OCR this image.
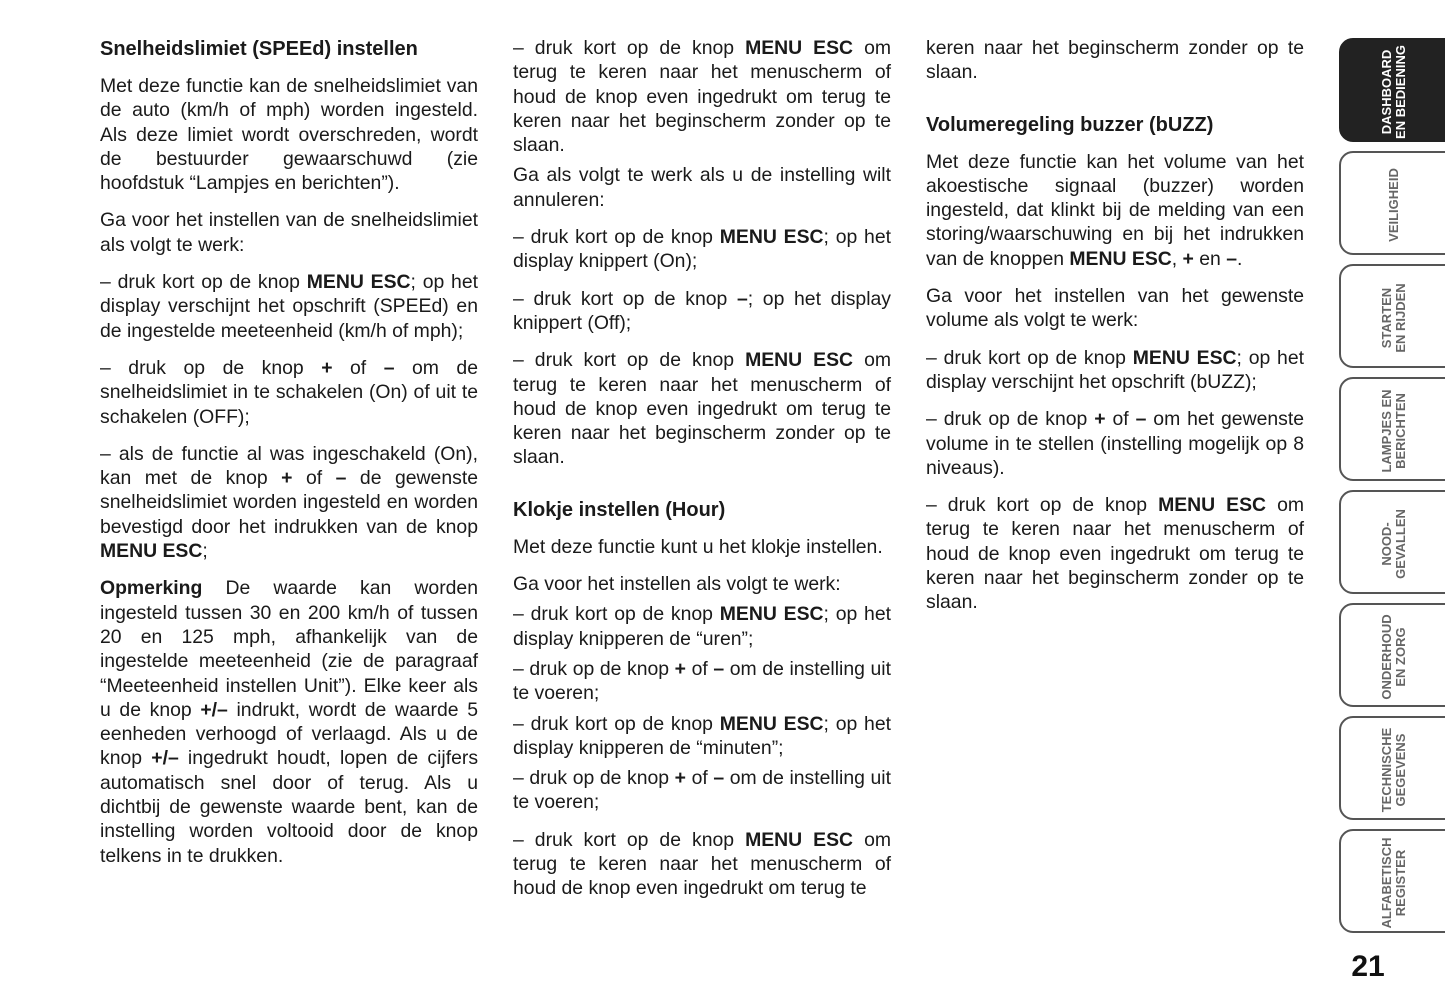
Snelheidslimiet (SPEEd) instellen

Met deze functie kan de snelheidslimiet van de auto (km/h of mph) worden ingesteld. Als deze limiet wordt overschreden, wordt de bestuurder gewaarschuwd (zie hoofdstuk “Lampjes en berichten”).

Ga voor het instellen van de snelheidslimiet als volgt te werk:

– druk kort op de knop MENU ESC; op het display verschijnt het opschrift (SPEEd) en de ingestelde meeteenheid (km/h of mph);

– druk op de knop + of – om de snelheidslimiet in te schakelen (On) of uit te schakelen (OFF);

– als de functie al was ingeschakeld (On), kan met de knop + of – de gewenste snelheidslimiet worden ingesteld en worden bevestigd door het indrukken van de knop MENU ESC;

Opmerking De waarde kan worden ingesteld tussen 30 en 200 km/h of tussen 20 en 125 mph, afhankelijk van de ingestelde meeteenheid (zie de paragraaf “Meeteenheid instellen Unit”). Elke keer als u de knop +/– indrukt, wordt de waarde 5 eenheden verhoogd of verlaagd. Als u de knop +/– ingedrukt houdt, lopen de cijfers automatisch snel door of terug. Als u dichtbij de gewenste waarde bent, kan de instelling worden voltooid door de knop telkens in te drukken.

– druk kort op de knop MENU ESC om terug te keren naar het menuscherm of houd de knop even ingedrukt om terug te keren naar het beginscherm zonder op te slaan.

Ga als volgt te werk als u de instelling wilt annuleren:

– druk kort op de knop MENU ESC; op het display knippert (On);

– druk kort op de knop –; op het display knippert (Off);

– druk kort op de knop MENU ESC om terug te keren naar het menuscherm of houd de knop even ingedrukt om terug te keren naar het beginscherm zonder op te slaan.

Klokje instellen (Hour)

Met deze functie kunt u het klokje instellen.

Ga voor het instellen als volgt te werk:

– druk kort op de knop MENU ESC; op het display knipperen de “uren”;

– druk op de knop + of – om de instelling uit te voeren;

– druk kort op de knop MENU ESC; op het display knipperen de “minuten”;

– druk op de knop + of – om de instelling uit te voeren;

– druk kort op de knop MENU ESC om terug te keren naar het menuscherm of houd de knop even ingedrukt om terug te

keren naar het beginscherm zonder op te slaan.

Volumeregeling buzzer (bUZZ)

Met deze functie kan het volume van het akoestische signaal (buzzer) worden ingesteld, dat klinkt bij de melding van een storing/waarschuwing en bij het indrukken van de knoppen MENU ESC, + en –.

Ga voor het instellen van het gewenste volume als volgt te werk:

– druk kort op de knop MENU ESC; op het display verschijnt het opschrift (bUZZ);

– druk op de knop + of – om het gewenste volume in te stellen (instelling mogelijk op 8 niveaus).

– druk kort op de knop MENU ESC om terug te keren naar het menuscherm of houd de knop even ingedrukt om terug te keren naar het beginscherm zonder op te slaan.

DASHBOARD
EN BEDIENING
VEILIGHEID
STARTEN
EN RIJDEN
LAMPJES EN
BERICHTEN
NOOD-
GEVALLEN
ONDERHOUD
EN ZORG
TECHNISCHE
GEGEVENS
ALFABETISCH
REGISTER
21
